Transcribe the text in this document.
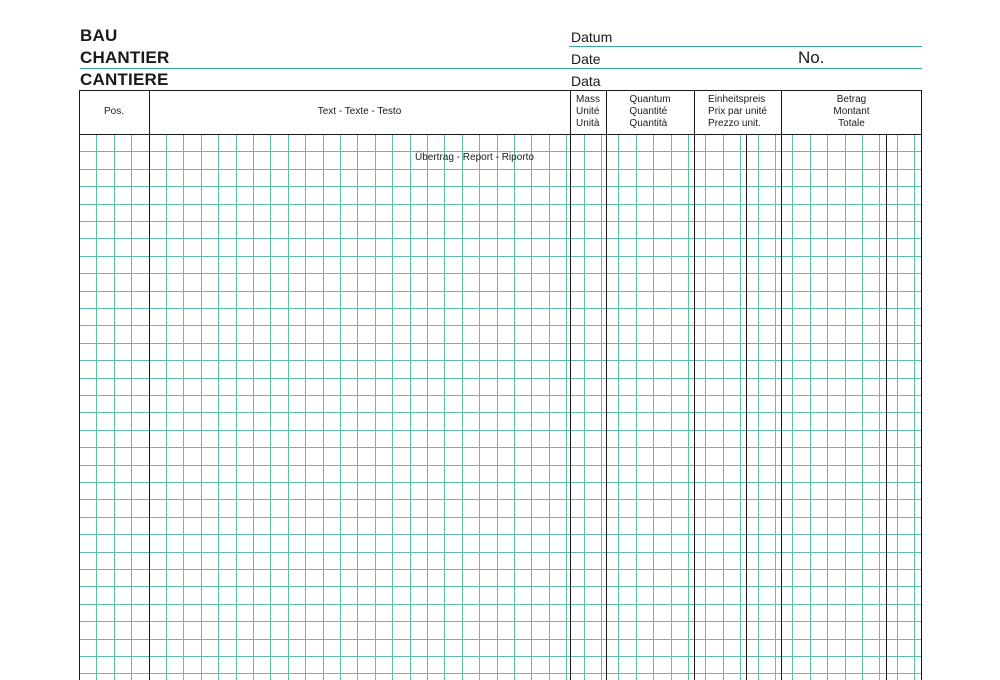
BAU
CHANTIER
CANTIERE
Datum
Date
Data
No.
Pos.	Text - Texte - Testo
Mass
Unité
Unità
Quantum
Quantité
Quantità
Einheitspreis
Prix par unité
Prezzo unit.
Betrag
Montant
Totale
Übertrag - Report - Riporto
